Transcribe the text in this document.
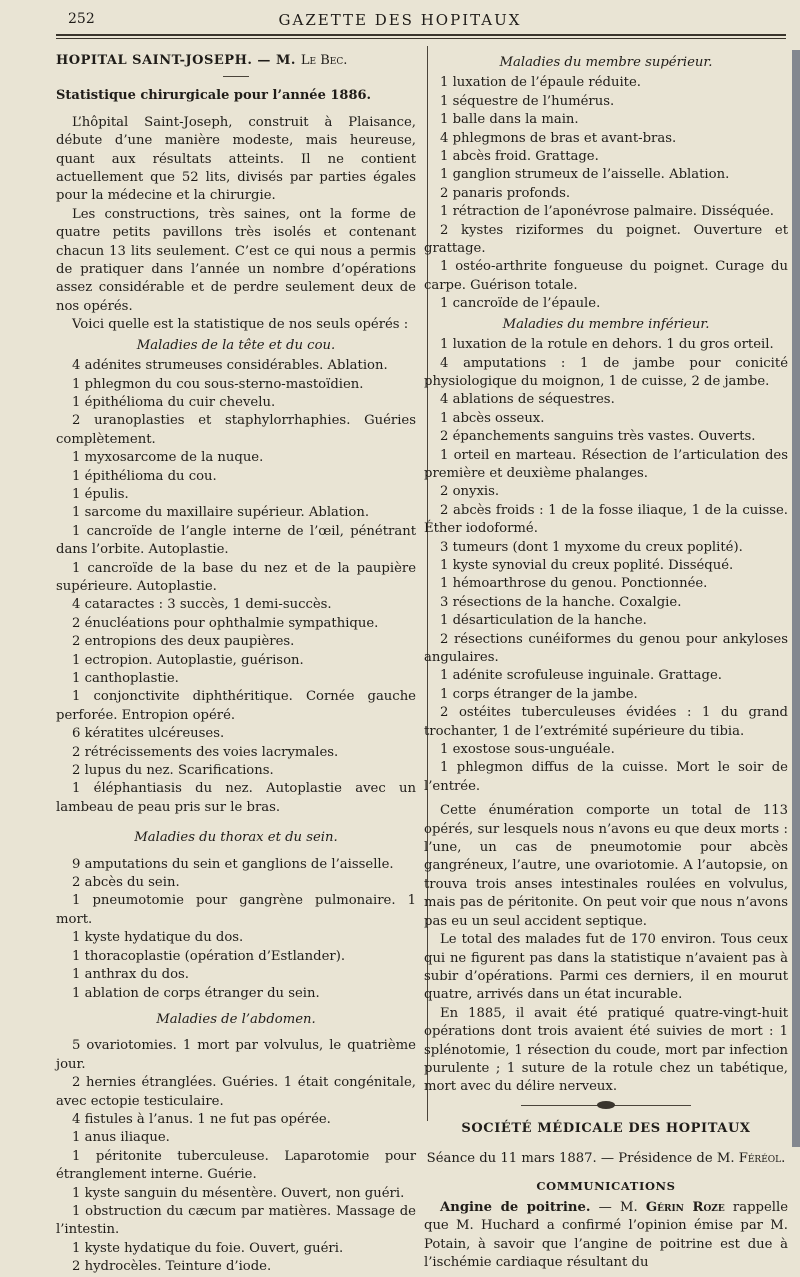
252	GAZETTE DES HOPITAUX

HOPITAL SAINT-JOSEPH. — M. Le Bec.

Statistique chirurgicale pour l’année 1886.

L’hôpital Saint-Joseph, construit à Plaisance, débute d’une manière modeste, mais heureuse, quant aux résultats atteints. Il ne contient actuellement que 52 lits, divisés par parties égales pour la médecine et la chirurgie.

Les constructions, très saines, ont la forme de quatre petits pavillons très isolés et contenant chacun 13 lits seulement. C’est ce qui nous a permis de pratiquer dans l’année un nombre d’opérations assez considérable et de perdre seulement deux de nos opérés.

Voici quelle est la statistique de nos seuls opérés :

Maladies de la tête et du cou.

4 adénites strumeuses considérables. Ablation.

1 phlegmon du cou sous-sterno-mastoïdien.

1 épithélioma du cuir chevelu.

2 uranoplasties et staphylorrhaphies. Guéries complètement.

1 myxosarcome de la nuque.

1 épithélioma du cou.

1 épulis.

1 sarcome du maxillaire supérieur. Ablation.

1 cancroïde de l’angle interne de l’œil, pénétrant dans l’orbite. Autoplastie.

1 cancroïde de la base du nez et de la paupière supérieure. Autoplastie.

4 cataractes : 3 succès, 1 demi-succès.

2 énucléations pour ophthalmie sympathique.

2 entropions des deux paupières.

1 ectropion. Autoplastie, guérison.

1 canthoplastie.

1 conjonctivite diphthéritique. Cornée gauche perforée. Entropion opéré.

6 kératites ulcéreuses.

2 rétrécissements des voies lacrymales.

2 lupus du nez. Scarifications.

1 éléphantiasis du nez. Autoplastie avec un lambeau de peau pris sur le bras.

Maladies du thorax et du sein.

9 amputations du sein et ganglions de l’aisselle.

2 abcès du sein.

1 pneumotomie pour gangrène pulmonaire. 1 mort.

1 kyste hydatique du dos.

1 thoracoplastie (opération d’Estlander).

1 anthrax du dos.

1 ablation de corps étranger du sein.

Maladies de l’abdomen.

5 ovariotomies. 1 mort par volvulus, le quatrième jour.

2 hernies étranglées. Guéries. 1 était congénitale, avec ectopie testiculaire.

4 fistules à l’anus. 1 ne fut pas opérée.

1 anus iliaque.

1 péritonite tuberculeuse. Laparotomie pour étranglement interne. Guérie.

1 kyste sanguin du mésentère. Ouvert, non guéri.

1 obstruction du cæcum par matières. Massage de l’intestin.

1 kyste hydatique du foie. Ouvert, guéri.

2 hydrocèles. Teinture d’iode.

Maladies du membre supérieur.

1 luxation de l’épaule réduite.

1 séquestre de l’humérus.

1 balle dans la main.

4 phlegmons de bras et avant-bras.

1 abcès froid. Grattage.

1 ganglion strumeux de l’aisselle. Ablation.

2 panaris profonds.

1 rétraction de l’aponévrose palmaire. Disséquée.

2 kystes riziformes du poignet. Ouverture et grattage.

1 ostéo-arthrite fongueuse du poignet. Curage du carpe. Guérison totale.

1 cancroïde de l’épaule.

Maladies du membre inférieur.

1 luxation de la rotule en dehors. 1 du gros orteil.

4 amputations : 1 de jambe pour conicité physiologique du moignon, 1 de cuisse, 2 de jambe.

4 ablations de séquestres.

1 abcès osseux.

2 épanchements sanguins très vastes. Ouverts.

1 orteil en marteau. Résection de l’articulation des première et deuxième phalanges.

2 onyxis.

2 abcès froids : 1 de la fosse iliaque, 1 de la cuisse. Éther iodoformé.

3 tumeurs (dont 1 myxome du creux poplité).

1 kyste synovial du creux poplité. Disséqué.

1 hémoarthrose du genou. Ponctionnée.

3 résections de la hanche. Coxalgie.

1 désarticulation de la hanche.

2 résections cunéiformes du genou pour ankyloses angulaires.

1 adénite scrofuleuse inguinale. Grattage.

1 corps étranger de la jambe.

2 ostéites tuberculeuses évidées : 1 du grand trochanter, 1 de l’extrémité supérieure du tibia.

1 exostose sous-unguéale.

1 phlegmon diffus de la cuisse. Mort le soir de l’entrée.

Cette énumération comporte un total de 113 opérés, sur lesquels nous n’avons eu que deux morts : l’une, un cas de pneumotomie pour abcès gangréneux, l’autre, une ovariotomie. A l’autopsie, on trouva trois anses intestinales roulées en volvulus, mais pas de péritonite. On peut voir que nous n’avons pas eu un seul accident septique.

Le total des malades fut de 170 environ. Tous ceux qui ne figurent pas dans la statistique n’avaient pas à subir d’opérations. Parmi ces derniers, il en mourut quatre, arrivés dans un état incurable.

En 1885, il avait été pratiqué quatre-vingt-huit opérations dont trois avaient été suivies de mort : 1 splénotomie, 1 résection du coude, mort par infection purulente ; 1 suture de la rotule chez un tabétique, mort avec du délire nerveux.

SOCIÉTÉ MÉDICALE DES HOPITAUX

Séance du 11 mars 1887. — Présidence de M. Féréol.

COMMUNICATIONS

Angine de poitrine. — M. Gérin Roze rappelle que M. Huchard a confirmé l’opinion émise par M. Potain, à savoir que l’angine de poitrine est due à l’ischémie cardiaque résultant du
